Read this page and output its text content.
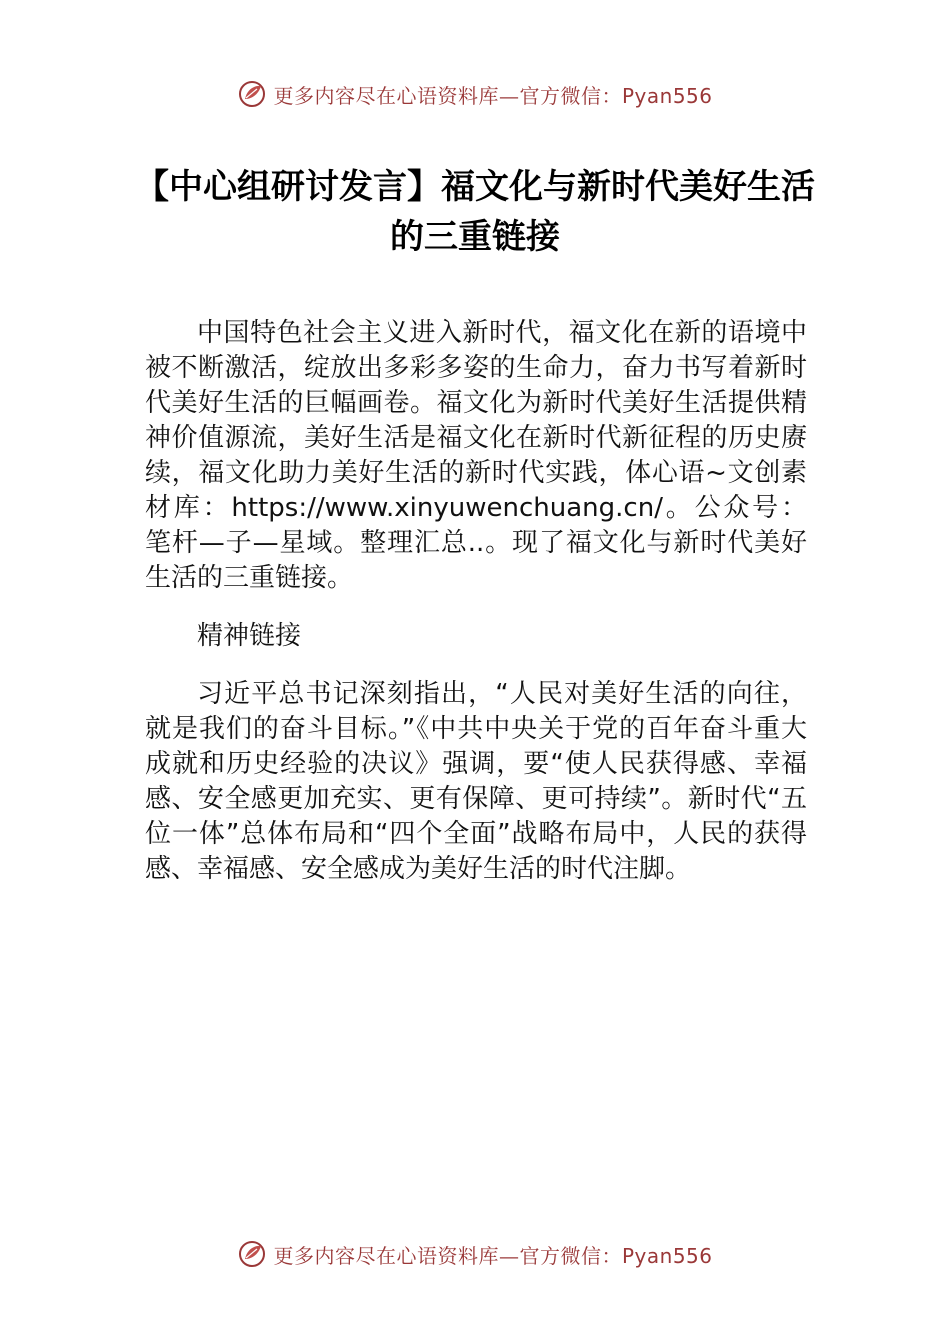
更多内容尽在心语资料库—官方微信：Pyan556
【中心组研讨发言】福文化与新时代美好生活的三重链接

中国特色社会主义进入新时代，福文化在新的语境中被不断激活，绽放出多彩多姿的生命力，奋力书写着新时代美好生活的巨幅画卷。福文化为新时代美好生活提供精神价值源流，美好生活是福文化在新时代新征程的历史赓续，福文化助力美好生活的新时代实践，体心语~文创素材库：https://www.xinyuwenchuang.cn/。公众号：笔杆—子—星域。整理汇总..。现了福文化与新时代美好生活的三重链接。

精神链接

习近平总书记深刻指出，“人民对美好生活的向往，就是我们的奋斗目标。”《中共中央关于党的百年奋斗重大成就和历史经验的决议》强调，要“使人民获得感、幸福感、安全感更加充实、更有保障、更可持续”。新时代“五位一体”总体布局和“四个全面”战略布局中，人民的获得感、幸福感、安全感成为美好生活的时代注脚。

更多内容尽在心语资料库—官方微信：Pyan556
